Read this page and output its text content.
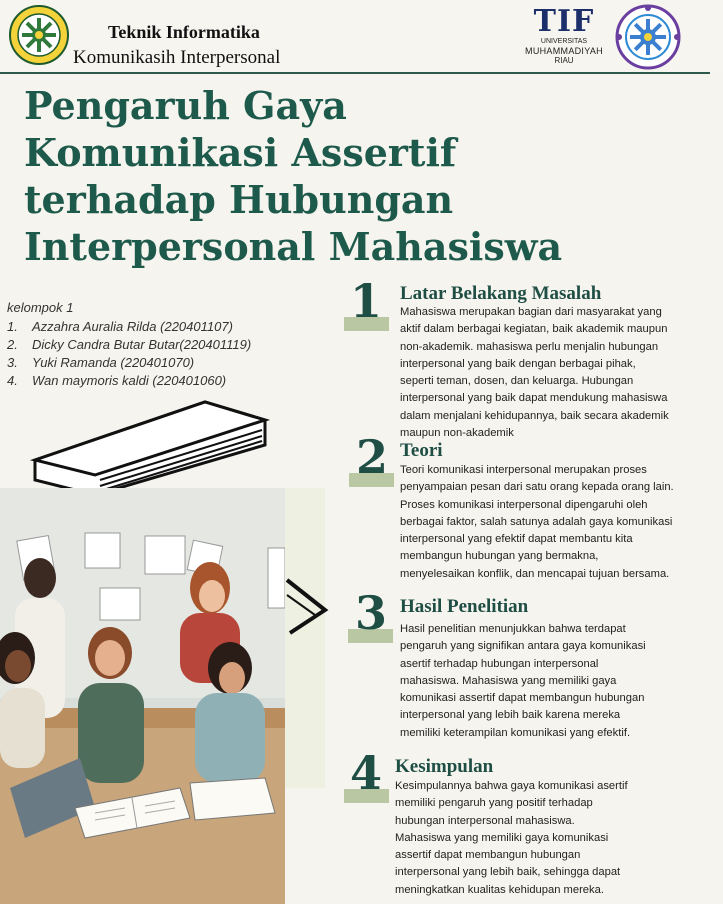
Teknik Informatika
Komunikasih Interpersonal
TIF
UNIVERSITAS
MUHAMMADIYAH
RIAU
Pengaruh Gaya
Komunikasi Assertif
terhadap Hubungan
Interpersonal Mahasiswa
kelompok 1
1. Azzahra Auralia Rilda (220401107)
2. Dicky Candra Butar Butar(220401119)
3. Yuki Ramanda (220401070)
4. Wan maymoris kaldi (220401060)
1 Latar Belakang Masalah
Mahasiswa merupakan bagian dari masyarakat yang
aktif dalam berbagai kegiatan, baik akademik maupun
non-akademik. mahasiswa perlu menjalin hubungan
interpersonal yang baik dengan berbagai pihak,
seperti teman, dosen, dan keluarga. Hubungan
interpersonal yang baik dapat mendukung mahasiswa
dalam menjalani kehidupannya, baik secara akademik
maupun non-akademik
2 Teori
Teori komunikasi interpersonal merupakan proses
penyampaian pesan dari satu orang kepada orang lain.
Proses komunikasi interpersonal dipengaruhi oleh
berbagai faktor, salah satunya adalah gaya komunikasi
interpersonal yang efektif dapat membantu kita
membangun hubungan yang bermakna,
menyelesaikan konflik, dan mencapai tujuan bersama.
3 Hasil Penelitian
Hasil penelitian menunjukkan bahwa terdapat
pengaruh yang signifikan antara gaya komunikasi
asertif terhadap hubungan interpersonal
mahasiswa. Mahasiswa yang memiliki gaya
komunikasi assertif dapat membangun hubungan
interpersonal yang lebih baik karena mereka
memiliki keterampilan komunikasi yang efektif.
4 Kesimpulan
Kesimpulannya bahwa gaya komunikasi asertif
memiliki pengaruh yang positif terhadap
hubungan interpersonal mahasiswa.
Mahasiswa yang memiliki gaya komunikasi
assertif dapat membangun hubungan
interpersonal yang lebih baik, sehingga dapat
meningkatkan kualitas kehidupan mereka.
